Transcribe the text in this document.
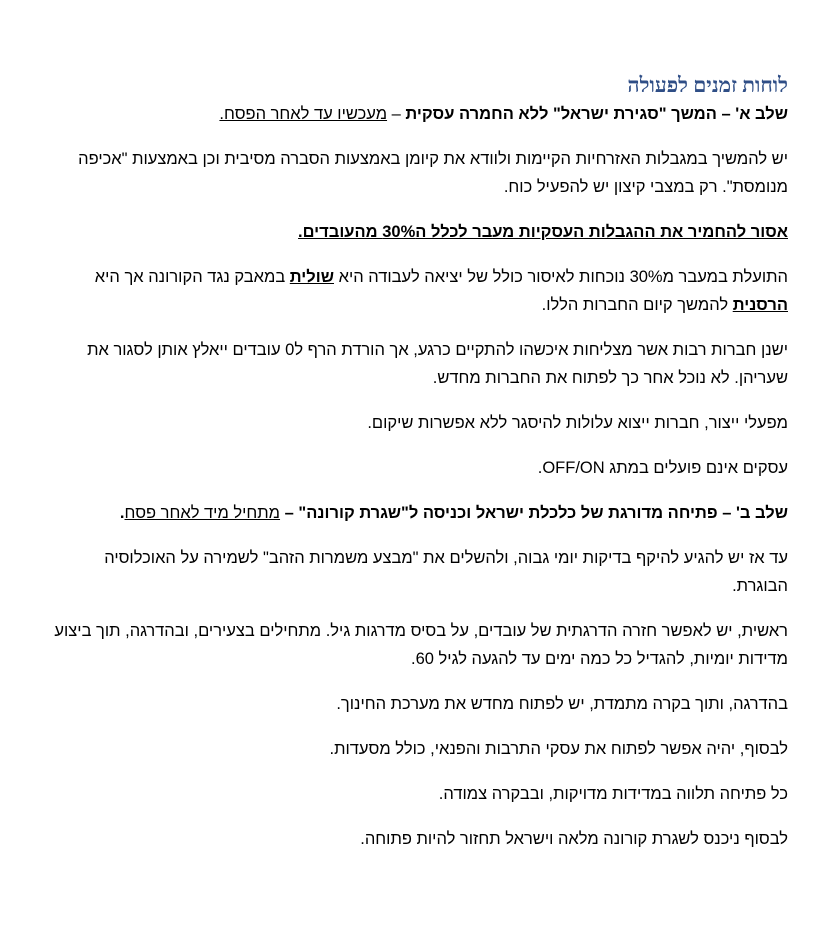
לוחות זמנים לפעולה

שלב א' – המשך "סגירת ישראל" ללא החמרה עסקית – מעכשיו עד לאחר הפסח.

יש להמשיך במגבלות האזרחיות הקיימות ולוודא את קיומן באמצעות הסברה מסיבית וכן באמצעות "אכיפה מנומסת". רק במצבי קיצון יש להפעיל כוח.

אסור להחמיר את ההגבלות העסקיות מעבר לכלל ה30% מהעובדים.

התועלת במעבר מ30% נוכחות לאיסור כולל של יציאה לעבודה היא שולית במאבק נגד הקורונה אך היא הרסנית להמשך קיום החברות הללו.

ישנן חברות רבות אשר מצליחות איכשהו להתקיים כרגע, אך הורדת הרף ל0 עובדים ייאלץ אותן לסגור את שעריהן. לא נוכל אחר כך לפתוח את החברות מחדש.

מפעלי ייצור, חברות ייצוא עלולות להיסגר ללא אפשרות שיקום.

עסקים אינם פועלים במתג OFF/ON.

שלב ב' – פתיחה מדורגת של כלכלת ישראל וכניסה ל"שגרת קורונה" – מתחיל מיד לאחר פסח.

עד אז יש להגיע להיקף בדיקות יומי גבוה, ולהשלים את "מבצע משמרות הזהב" לשמירה על האוכלוסיה הבוגרת.

ראשית, יש לאפשר חזרה הדרגתית של עובדים, על בסיס מדרגות גיל. מתחילים בצעירים, ובהדרגה, תוך ביצוע מדידות יומיות, להגדיל כל כמה ימים עד להגעה לגיל 60.

בהדרגה, ותוך בקרה מתמדת, יש לפתוח מחדש את מערכת החינוך.

לבסוף, יהיה אפשר לפתוח את עסקי התרבות והפנאי, כולל מסעדות.

כל פתיחה תלווה במדידות מדויקות, ובבקרה צמודה.

לבסוף ניכנס לשגרת קורונה מלאה וישראל תחזור להיות פתוחה.
